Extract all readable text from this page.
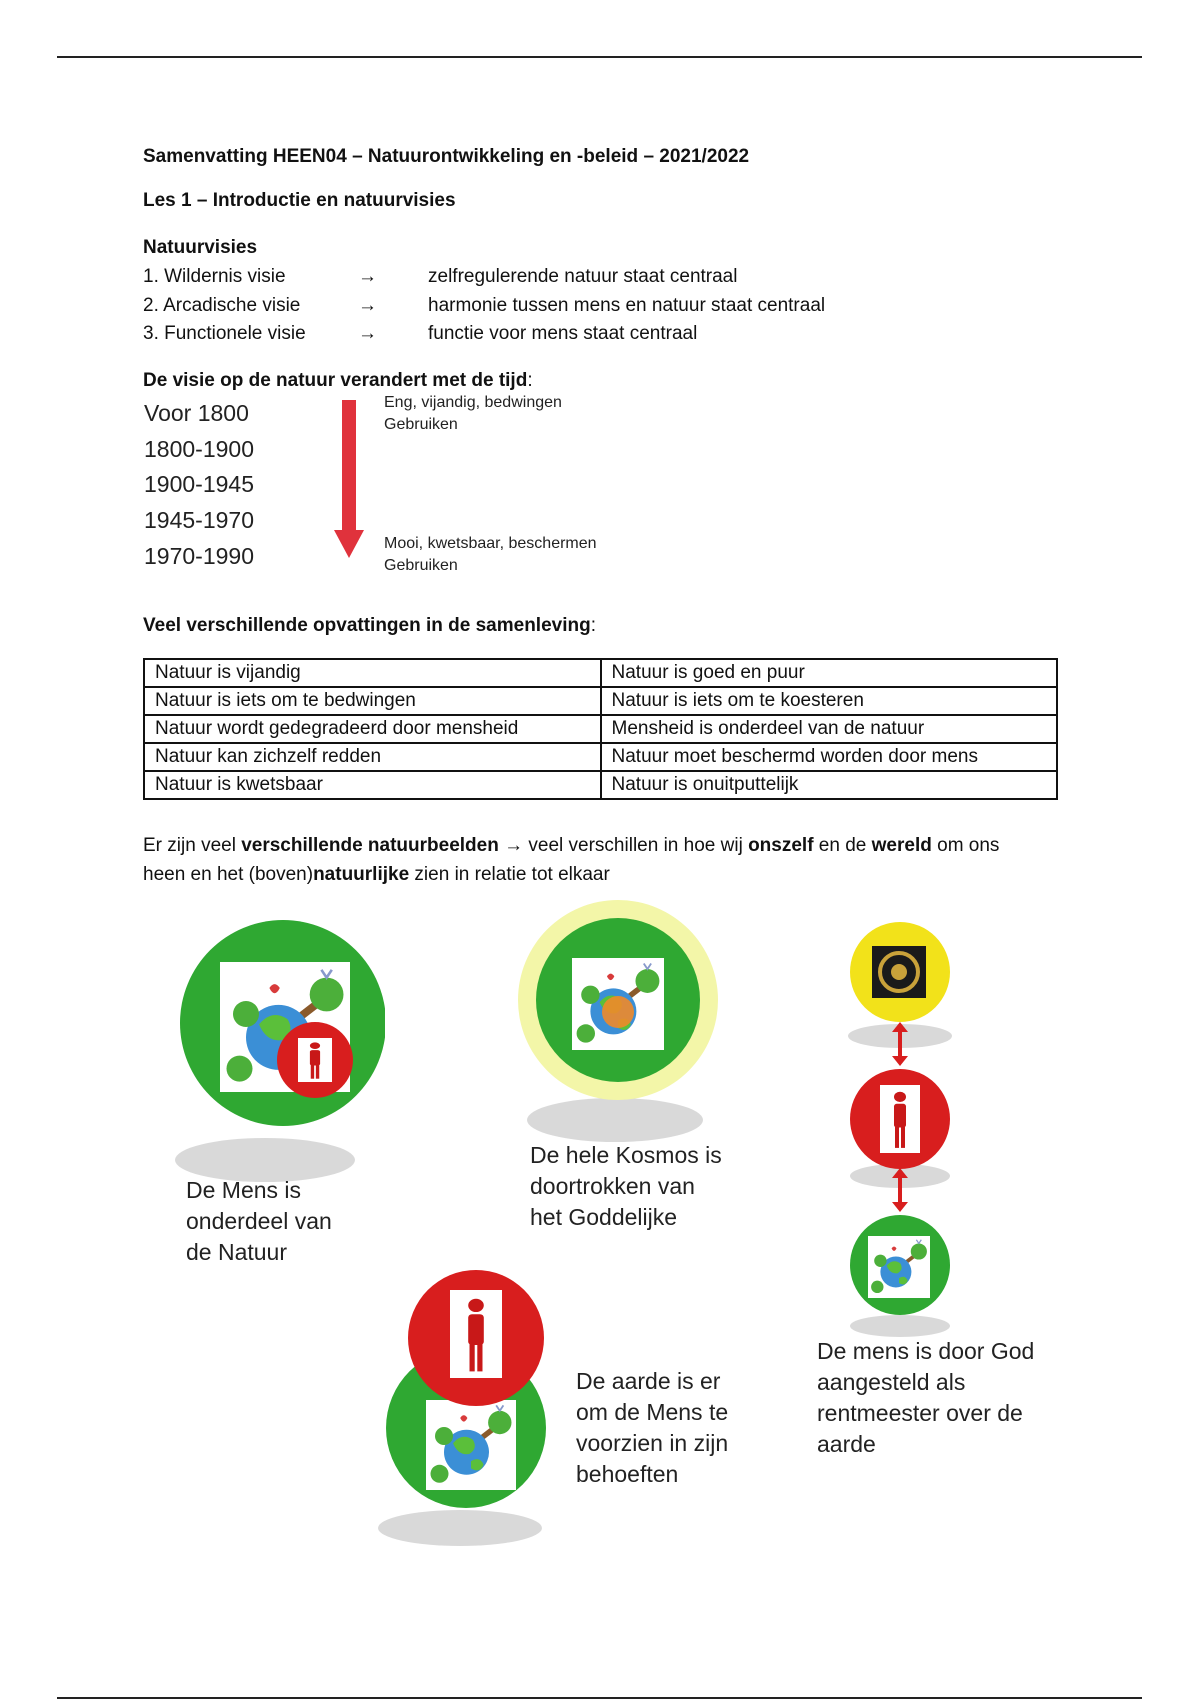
Samenvatting HEEN04 – Natuurontwikkeling en -beleid – 2021/2022
Les 1 – Introductie en natuurvisies
Natuurvisies
1. Wildernis visie	→	zelfregulerende natuur staat centraal
2. Arcadische visie	→	harmonie tussen mens en natuur staat centraal
3. Functionele visie	→	functie voor mens staat centraal
De visie op de natuur verandert met de tijd:
Voor 1800
1800-1900
1900-1945
1945-1970
1970-1990
Eng, vijandig, bedwingen
Gebruiken
Mooi, kwetsbaar, beschermen
Gebruiken
Veel verschillende opvattingen in de samenleving:
Natuur is vijandig	Natuur is goed en puur
Natuur is iets om te bedwingen	Natuur is iets om te koesteren
Natuur wordt gedegradeerd door mensheid	Mensheid is onderdeel van de natuur
Natuur kan zichzelf redden	Natuur moet beschermd worden door mens
Natuur is kwetsbaar	Natuur is onuitputtelijk
Er zijn veel verschillende natuurbeelden → veel verschillen in hoe wij onszelf en de wereld om ons
heen en het (boven)natuurlijke zien in relatie tot elkaar
De Mens is
onderdeel van
de Natuur
De hele Kosmos is
doortrokken van
het Goddelijke
De mens is door God
aangesteld als
rentmeester over de
aarde
De aarde is er
om de Mens te
voorzien in zijn
behoeften
